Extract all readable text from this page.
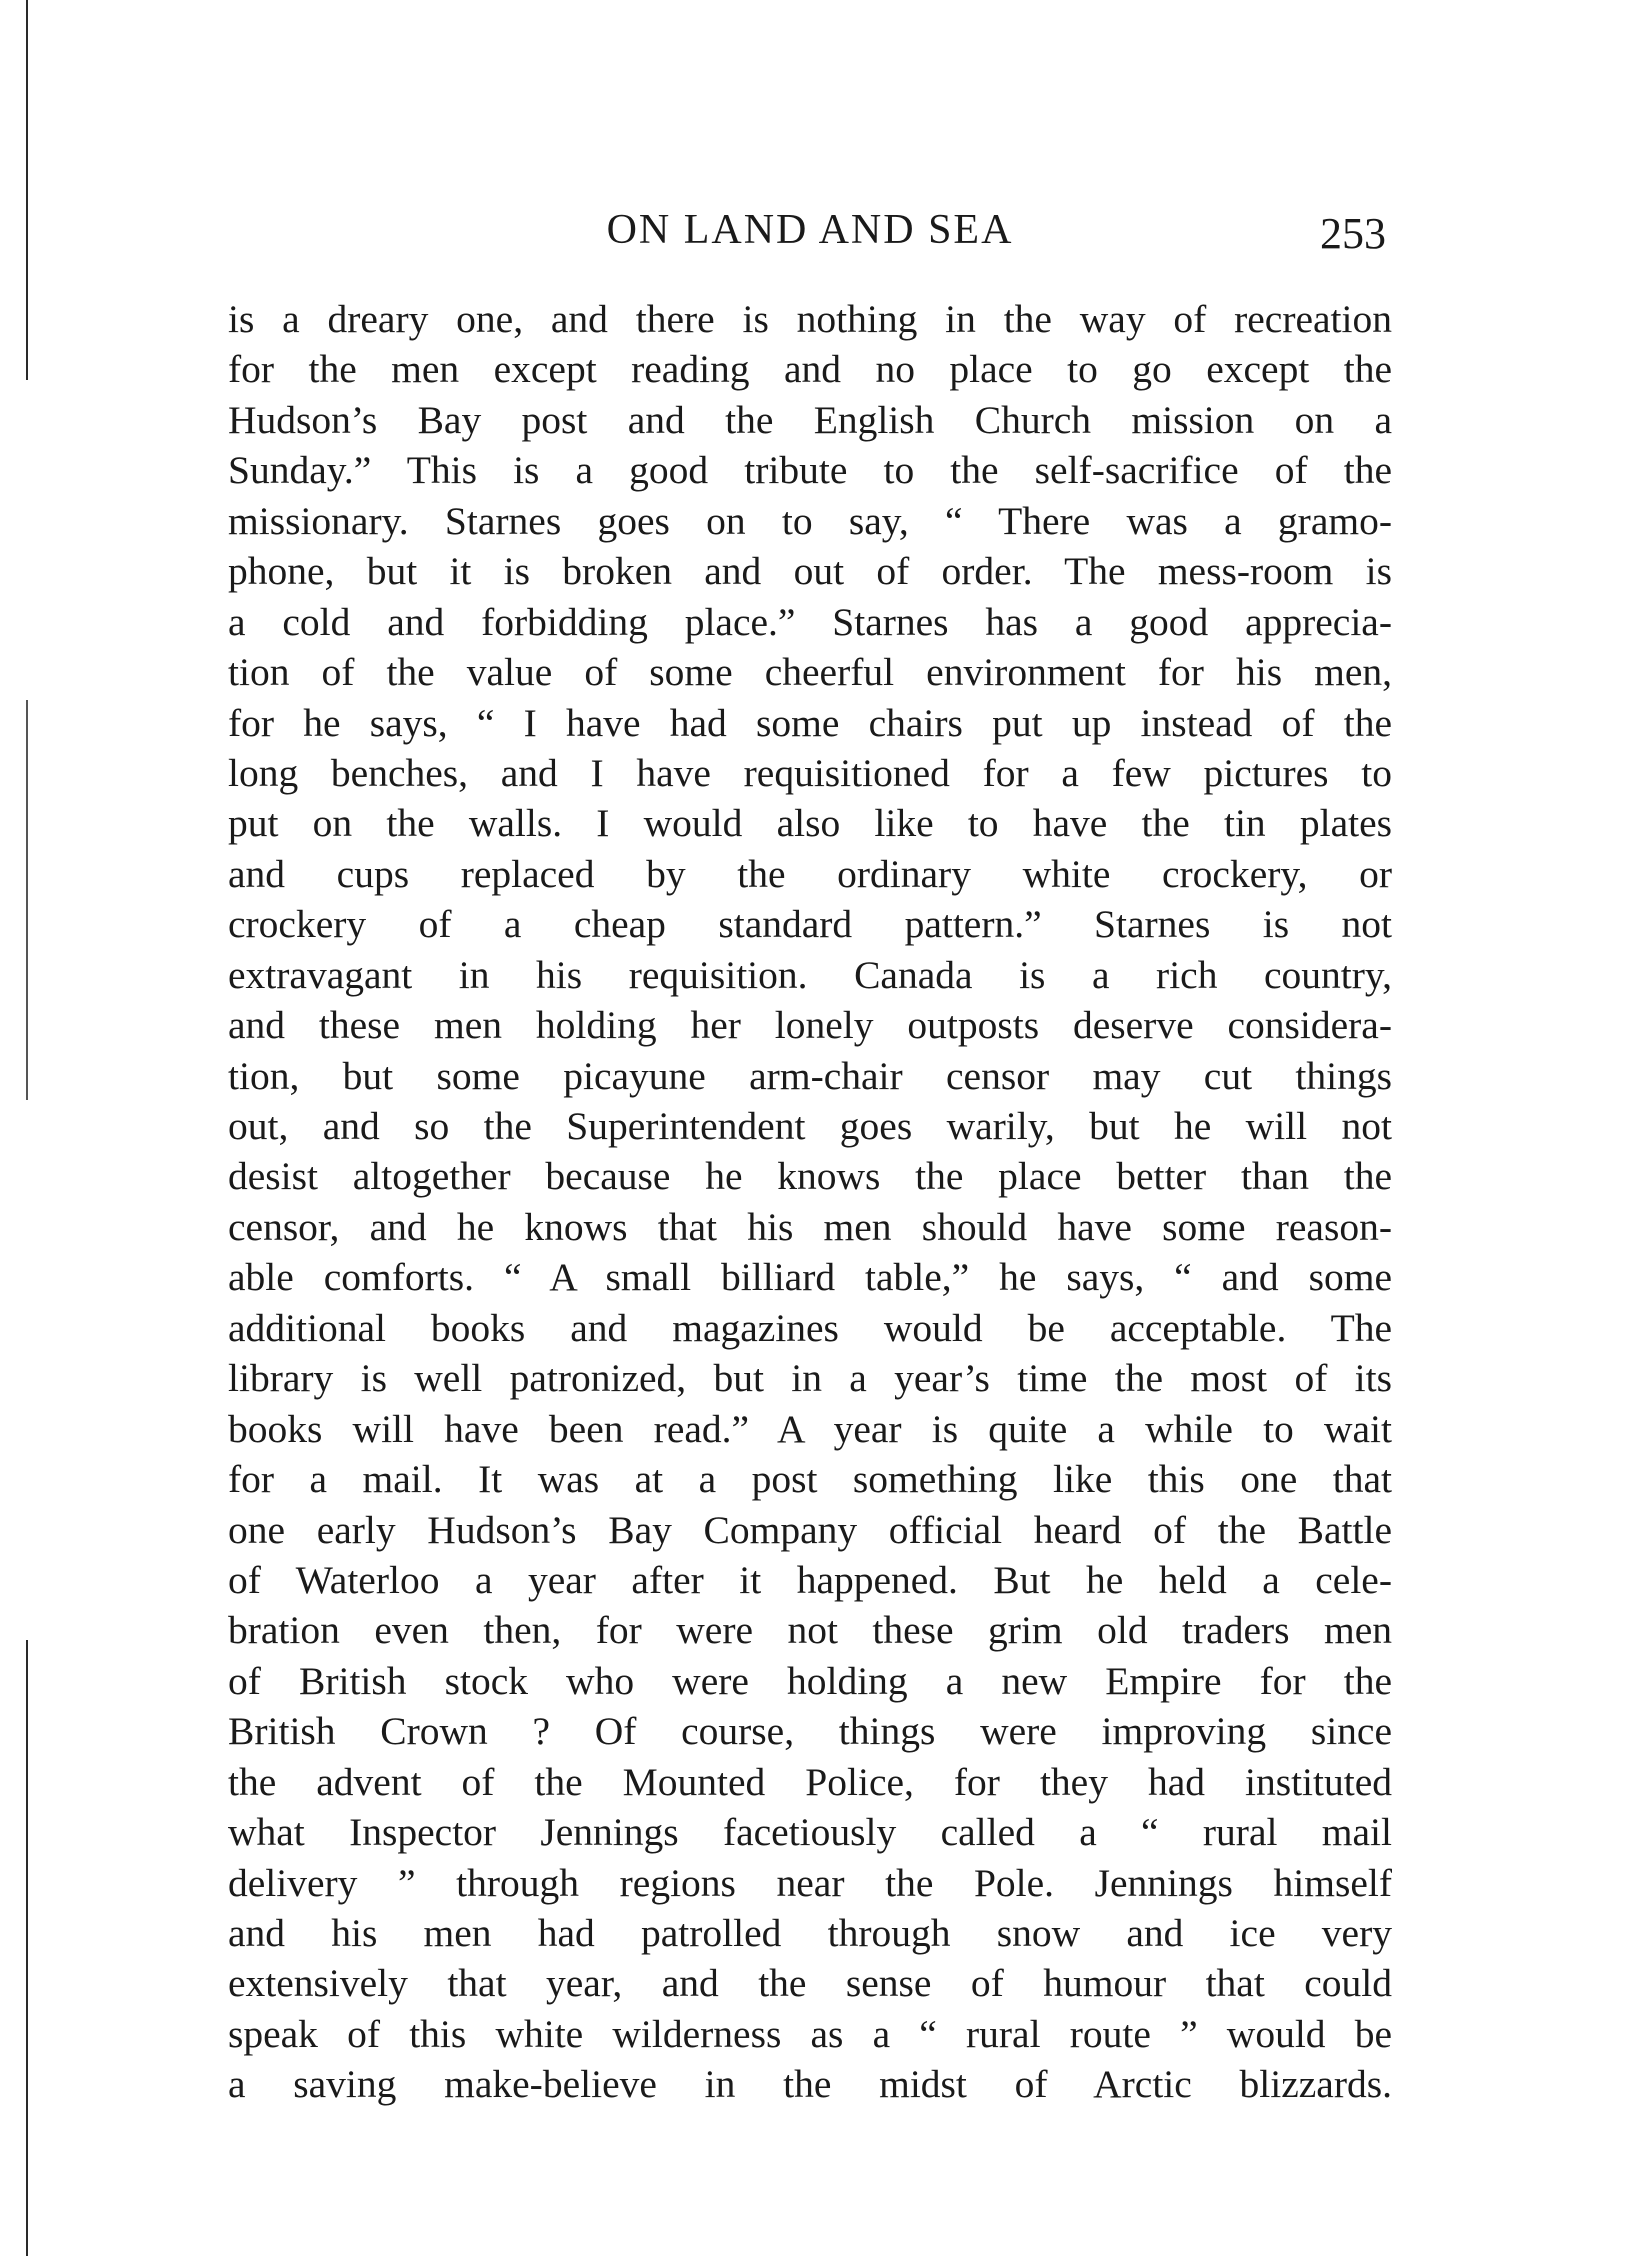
ON LAND AND SEA	253
is a dreary one, and there is nothing in the way of recreation
for the men except reading and no place to go except the
Hudson’s Bay post and the English Church mission on a
Sunday.” This is a good tribute to the self-sacrifice of the
missionary. Starnes goes on to say, “ There was a gramo-
phone, but it is broken and out of order. The mess-room is
a cold and forbidding place.” Starnes has a good apprecia-
tion of the value of some cheerful environment for his men,
for he says, “ I have had some chairs put up instead of the
long benches, and I have requisitioned for a few pictures to
put on the walls. I would also like to have the tin plates
and cups replaced by the ordinary white crockery, or
crockery of a cheap standard pattern.” Starnes is not
extravagant in his requisition. Canada is a rich country,
and these men holding her lonely outposts deserve considera-
tion, but some picayune arm-chair censor may cut things
out, and so the Superintendent goes warily, but he will not
desist altogether because he knows the place better than the
censor, and he knows that his men should have some reason-
able comforts. “ A small billiard table,” he says, “ and some
additional books and magazines would be acceptable. The
library is well patronized, but in a year’s time the most of its
books will have been read.” A year is quite a while to wait
for a mail. It was at a post something like this one that
one early Hudson’s Bay Company official heard of the Battle
of Waterloo a year after it happened. But he held a cele-
bration even then, for were not these grim old traders men
of British stock who were holding a new Empire for the
British Crown ? Of course, things were improving since
the advent of the Mounted Police, for they had instituted
what Inspector Jennings facetiously called a “ rural mail
delivery ” through regions near the Pole. Jennings himself
and his men had patrolled through snow and ice very
extensively that year, and the sense of humour that could
speak of this white wilderness as a “ rural route ” would be
a saving make-believe in the midst of Arctic blizzards.
